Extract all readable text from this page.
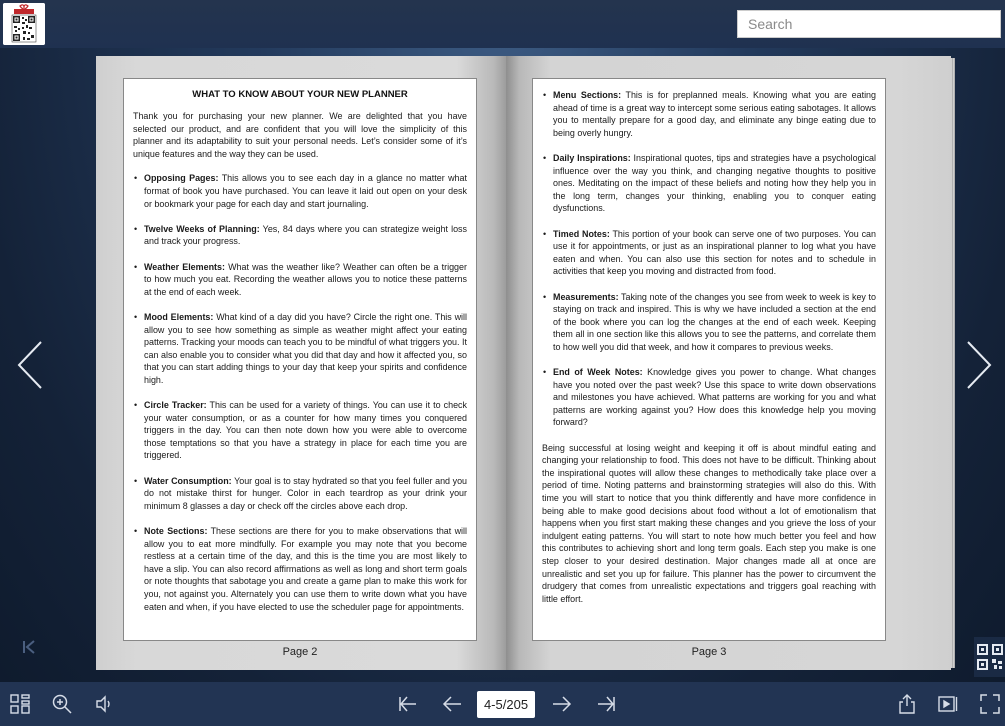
Search
WHAT TO KNOW ABOUT YOUR NEW PLANNER

Thank you for purchasing your new planner. We are delighted that you have selected our product, and are confident that you will love the simplicity of this planner and its adaptability to suit your personal needs. Let’s consider some of it’s unique features and the way they can be used.

• Opposing Pages: This allows you to see each day in a glance no matter what format of book you have purchased. You can leave it laid out open on your desk or bookmark your page for each day and start journaling.
• Twelve Weeks of Planning: Yes, 84 days where you can strategize weight loss and track your progress.
• Weather Elements: What was the weather like? Weather can often be a trigger to how much you eat. Recording the weather allows you to notice these patterns at the end of each week.
• Mood Elements: What kind of a day did you have? Circle the right one. This will allow you to see how something as simple as weather might affect your eating patterns. Tracking your moods can teach you to be mindful of what triggers you. It can also enable you to consider what you did that day and how it affected you, so that you can start adding things to your day that keep your spirits and confidence high.
• Circle Tracker: This can be used for a variety of things. You can use it to check your water consumption, or as a counter for how many times you conquered triggers in the day. You can then note down how you were able to overcome those temptations so that you have a strategy in place for each time you are triggered.
• Water Consumption: Your goal is to stay hydrated so that you feel fuller and you do not mistake thirst for hunger. Color in each teardrop as your drink your minimum 8 glasses a day or check off the circles above each drop.
• Note Sections: These sections are there for you to make observations that will allow you to eat more mindfully. For example you may note that you become restless at a certain time of the day, and this is the time you are most likely to have a slip. You can also record affirmations as well as long and short term goals or note thoughts that sabotage you and create a game plan to make this work for you, not against you. Alternately you can use them to write down what you have eaten and when, if you have elected to use the scheduler page for appointments.
Page 2
• Menu Sections: This is for preplanned meals. Knowing what you are eating ahead of time is a great way to intercept some serious eating sabotages. It allows you to mentally prepare for a good day, and eliminate any binge eating due to being overly hungry.
• Daily Inspirations: Inspirational quotes, tips and strategies have a psychological influence over the way you think, and changing negative thoughts to positive ones. Meditating on the impact of these beliefs and noting how they help you in the long term, changes your thinking, enabling you to conquer eating dysfunctions.
• Timed Notes: This portion of your book can serve one of two purposes. You can use it for appointments, or just as an inspirational planner to log what you have eaten and when. You can also use this section for notes and to schedule in activities that keep you moving and distracted from food.
• Measurements: Taking note of the changes you see from week to week is key to staying on track and inspired. This is why we have included a section at the end of the book where you can log the changes at the end of each week. Keeping them all in one section like this allows you to see the patterns, and correlate them to how well you did that week, and how it compares to previous weeks.
• End of Week Notes: Knowledge gives you power to change. What changes have you noted over the past week? Use this space to write down observations and milestones you have achieved. What patterns are working for you and what patterns are working against you? How does this knowledge help you moving forward?

Being successful at losing weight and keeping it off is about mindful eating and changing your relationship to food. This does not have to be difficult. Thinking about the inspirational quotes will allow these changes to methodically take place over a period of time. Noting patterns and brainstorming strategies will also do this. With time you will start to notice that you think differently and have more confidence in being able to make good decisions about food without a lot of emotionalism that happens when you first start making these changes and you grieve the loss of your indulgent eating patterns. You will start to note how much better you feel and how this contributes to achieving short and long term goals. Each step you make is one step closer to your desired destination. Major changes made all at once are unrealistic and set you up for failure. This planner has the power to circumvent the drudgery that comes from unrealistic expectations and triggers goal reaching with little effort.

Page 3
4-5/205
